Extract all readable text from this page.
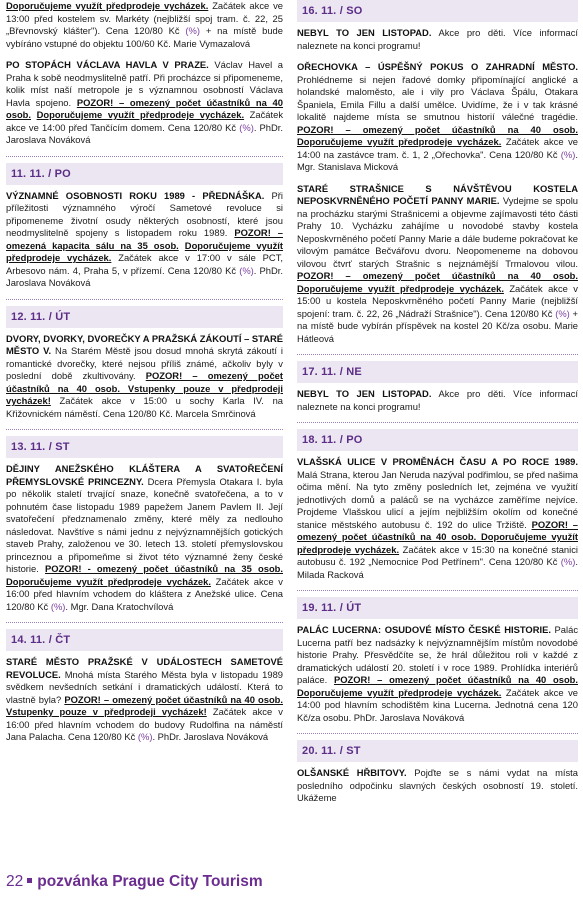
Doporučujeme využít předprodeje vycházek. Začátek akce ve 13:00 před kostelem sv. Markéty (nejbližší spoj tram. č. 22, 25 „Břevnovský klášter"). Cena 120/80 Kč (%) + na místě bude vybíráno vstupné do objektu 100/60 Kč. Marie Vymazalová

PO STOPÁCH VÁCLAVA HAVLA V PRAZE. Václav Havel a Praha k sobě neodmyslitelně patří. Při procházce si připomeneme, kolik míst naší metropole je s významnou osobností Václava Havla spojeno. POZOR! – omezený počet účastníků na 40 osob. Doporučujeme využít předprodeje vycházek. Začátek akce ve 14:00 před Tančícím domem. Cena 120/80 Kč (%). PhDr. Jaroslava Nováková

11. 11. / PO

VÝZNAMNÉ OSOBNOSTI ROKU 1989 - PŘEDNÁŠKA. Při příležitosti významného výročí Sametové revoluce si připomeneme životní osudy některých osobností, které jsou neodmyslitelně spojeny s listopadem roku 1989. POZOR! – omezená kapacita sálu na 35 osob. Doporučujeme využít předprodeje vycházek. Začátek akce v 17:00 v sále PCT, Arbesovo nám. 4, Praha 5, v přízemí. Cena 120/80 Kč (%). PhDr. Jaroslava Nováková

12. 11. / ÚT

DVORY, DVORKY, DVOREČKY A PRAŽSKÁ ZÁKOUTÍ – STARÉ MĚSTO V. Na Starém Městě jsou dosud mnohá skrytá zákoutí i romantické dvorečky, které nejsou příliš známé, ačkoliv byly v poslední době zkultivovány. POZOR! – omezený počet účastníků na 40 osob. Vstupenky pouze v předprodeji vycházek! Začátek akce v 15:00 u sochy Karla IV. na Křižovnickém náměstí. Cena 120/80 Kč. Marcela Smrčinová

13. 11. / ST

DĚJINY ANEŽSKÉHO KLÁŠTERA A SVATOŘEČENÍ PŘEMYSLOVSKÉ PRINCEZNY. Dcera Přemysla Otakara I. byla po několik staletí trvající snaze, konečně svatořečena, a to v pohnutém čase listopadu 1989 papežem Janem Pavlem II. Její svatořečení předznamenalo změny, které měly za nedlouho následovat. Navštíve s námi jednu z nejvýznamnějších gotických staveb Prahy, založenou ve 30. letech 13. století přemyslovskou princeznou a připomeňme si život této významné ženy české historie. POZOR! - omezený počet účastníků na 35 osob. Doporučujeme využít předprodeje vycházek. Začátek akce v 16:00 před hlavním vchodem do kláštera z Anežské ulice. Cena 120/80 Kč (%). Mgr. Dana Kratochvílová

14. 11. / ČT

STARÉ MĚSTO PRAŽSKÉ V UDÁLOSTECH SAMETOVÉ REVOLUCE. Mnohá místa Starého Města byla v listopadu 1989 svědkem nevšedních setkání i dramatických událostí. Která to vlastně byla? POZOR! – omezený počet účastníků na 40 osob. Vstupenky pouze v předprodeji vycházek! Začátek akce v 16:00 před hlavním vchodem do budovy Rudolfina na náměstí Jana Palacha. Cena 120/80 Kč (%). PhDr. Jaroslava Nováková

16. 11. / SO

NEBYL TO JEN LISTOPAD. Akce pro děti. Více informací naleznete na konci programu!

OŘECHOVKA – ÚSPĚŠNÝ POKUS O ZAHRADNÍ MĚSTO. Prohlédneme si nejen řadové domky připomínající anglické a holandské maloměsto, ale i vily pro Václava Špálu, Otakara Španiela, Emila Fillu a další umělce. Uvidíme, že i v tak krásné lokalitě najdeme místa se smutnou historií válečné tragédie. POZOR! – omezený počet účastníků na 40 osob. Doporučujeme využít předprodeje vycházek. Začátek akce ve 14:00 na zastávce tram. č. 1, 2 „Ořechovka". Cena 120/80 Kč (%). Mgr. Stanislava Micková

STARÉ STRAŠNICE S NÁVŠTĚVOU KOSTELA NEPOSKVRNĚNÉHO POČETÍ PANNY MARIE. Vydejme se spolu na procházku starými Strašnicemi a objevme zajímavosti této části Prahy 10. Vycházku zahájíme u novodobé stavby kostela Neposkvrněného početí Panny Marie a dále budeme pokračovat ke vilovým památce Bečvářovu dvoru. Neopomeneme na dobovou vilovou čtvrť starých Strašnic s nejznámější Trmalovou vilou. POZOR! – omezený počet účastníků na 40 osob. Doporučujeme využít předprodeje vycházek. Začátek akce v 15:00 u kostela Neposkvrněného početí Panny Marie (nejbližší spojení: tram. č. 22, 26 „Nádraží Strašnice"). Cena 120/80 Kč (%) + na místě bude vybírán příspěvek na kostel 20 Kč/za osobu. Marie Hátleová

17. 11. / NE

NEBYL TO JEN LISTOPAD. Akce pro děti. Více informací naleznete na konci programu!

18. 11. / PO

VLAŠSKÁ ULICE V PROMĚNÁCH ČASU A PO ROCE 1989. Malá Strana, kterou Jan Neruda nazýval podřimlou, se před našima očima mění. Na tyto změny posledních let, zejména ve využití jednotlivých domů a paláců se na vycházce zaměříme nejvíce. Projdeme Vlašskou ulicí a jejím nejbližším okolím od konečné stanice městského autobusu č. 192 do ulice Tržiště. POZOR! – omezený počet účastníků na 40 osob. Doporučujeme využít předprodeje vycházek. Začátek akce v 15:30 na konečné stanici autobusu č. 192 „Nemocnice Pod Petřínem". Cena 120/80 Kč (%). Milada Racková

19. 11. / ÚT

PALÁC LUCERNA: OSUDOVÉ MÍSTO ČESKÉ HISTORIE. Palác Lucerna patří bez nadsázky k nejvýznamnějším místům novodobé historie Prahy. Přesvědčíte se, že hrál důležitou roli v každé z dramatických událostí 20. století i v roce 1989. Prohlídka interiérů paláce. POZOR! – omezený počet účastníků na 40 osob. Doporučujeme využít předprodeje vycházek. Začátek akce ve 14:00 pod hlavním schodištěm kina Lucerna. Jednotná cena 120 Kč/za osobu. PhDr. Jaroslava Nováková

20. 11. / ST

OLŠANSKÉ HŘBITOVY. Pojďte se s námi vydat na místa posledního odpočinku slavných českých osobností 19. století. Ukážeme

22 pozvánka Prague City Tourism
